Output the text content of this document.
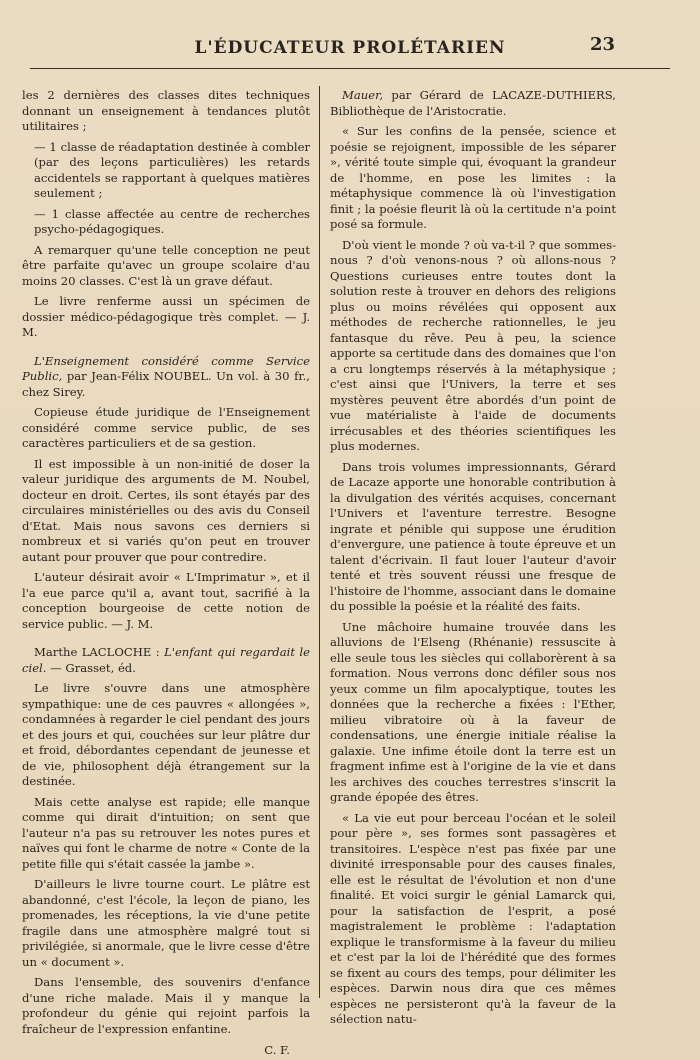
L'ÉDUCATEUR PROLÉTARIEN	23

les 2 dernières des classes dites techniques donnant un enseignement à tendances plutôt utilitaires ;

— 1 classe de réadaptation destinée à combler (par des leçons particulières) les retards accidentels se rapportant à quelques matières seulement ;

— 1 classe affectée au centre de recherches psycho-pédagogiques.

A remarquer qu'une telle conception ne peut être parfaite qu'avec un groupe scolaire d'au moins 20 classes. C'est là un grave défaut.

Le livre renferme aussi un spécimen de dossier médico-pédagogique très complet. — J. M.

L'Enseignement considéré comme Service Public, par Jean-Félix NOUBEL. Un vol. à 30 fr., chez Sirey.

Copieuse étude juridique de l'Enseignement considéré comme service public, de ses caractères particuliers et de sa gestion.

Il est impossible à un non-initié de doser la valeur juridique des arguments de M. Noubel, docteur en droit. Certes, ils sont étayés par des circulaires ministérielles ou des avis du Conseil d'Etat. Mais nous savons ces derniers si nombreux et si variés qu'on peut en trouver autant pour prouver que pour contredire.

L'auteur désirait avoir « L'Imprimatur », et il l'a eue parce qu'il a, avant tout, sacrifié à la conception bourgeoise de cette notion de service public. — J. M.

Marthe LACLOCHE : L'enfant qui regardait le ciel. — Grasset, éd.

Le livre s'ouvre dans une atmosphère sympathique: une de ces pauvres « allongées », condamnées à regarder le ciel pendant des jours et des jours et qui, couchées sur leur plâtre dur et froid, débordantes cependant de jeunesse et de vie, philosophent déjà étrangement sur la destinée.

Mais cette analyse est rapide; elle manque comme qui dirait d'intuition; on sent que l'auteur n'a pas su retrouver les notes pures et naïves qui font le charme de notre « Conte de la petite fille qui s'était cassée la jambe ».

D'ailleurs le livre tourne court. Le plâtre est abandonné, c'est l'école, la leçon de piano, les promenades, les réceptions, la vie d'une petite fragile dans une atmosphère malgré tout si privilégiée, si anormale, que le livre cesse d'être un « document ».

Dans l'ensemble, des souvenirs d'enfance d'une riche malade. Mais il y manque la profondeur du génie qui rejoint parfois la fraîcheur de l'expression enfantine.

C. F.

Mauer, par Gérard de LACAZE-DUTHIERS, Bibliothèque de l'Aristocratie.

« Sur les confins de la pensée, science et poésie se rejoignent, impossible de les séparer », vérité toute simple qui, évoquant la grandeur de l'homme, en pose les limites : la métaphysique commence là où l'investigation finit ; la poésie fleurit là où la certitude n'a point posé sa formule.

D'où vient le monde ? où va-t-il ? que sommes-nous ? d'où venons-nous ? où allons-nous ? Questions curieuses entre toutes dont la solution reste à trouver en dehors des religions plus ou moins révélées qui opposent aux méthodes de recherche rationnelles, le jeu fantasque du rêve. Peu à peu, la science apporte sa certitude dans des domaines que l'on a cru longtemps réservés à la métaphysique ; c'est ainsi que l'Univers, la terre et ses mystères peuvent être abordés d'un point de vue matérialiste à l'aide de documents irrécusables et des théories scientifiques les plus modernes.

Dans trois volumes impressionnants, Gérard de Lacaze apporte une honorable contribution à la divulgation des vérités acquises, concernant l'Univers et l'aventure terrestre. Besogne ingrate et pénible qui suppose une érudition d'envergure, une patience à toute épreuve et un talent d'écrivain. Il faut louer l'auteur d'avoir tenté et très souvent réussi une fresque de l'histoire de l'homme, associant dans le domaine du possible la poésie et la réalité des faits.

Une mâchoire humaine trouvée dans les alluvions de l'Elseng (Rhénanie) ressuscite à elle seule tous les siècles qui collaborèrent à sa formation. Nous verrons donc défiler sous nos yeux comme un film apocalyptique, toutes les données que la recherche a fixées : l'Ether, milieu vibratoire où à la faveur de condensations, une énergie initiale réalise la galaxie. Une infime étoile dont la terre est un fragment infime est à l'origine de la vie et dans les archives des couches terrestres s'inscrit la grande épopée des êtres.

« La vie eut pour berceau l'océan et le soleil pour père », ses formes sont passagères et transitoires. L'espèce n'est pas fixée par une divinité irresponsable pour des causes finales, elle est le résultat de l'évolution et non d'une finalité. Et voici surgir le génial Lamarck qui, pour la satisfaction de l'esprit, a posé magistralement le problème : l'adaptation explique le transformisme à la faveur du milieu et c'est par la loi de l'hérédité que des formes se fixent au cours des temps, pour délimiter les espèces. Darwin nous dira que ces mêmes espèces ne persisteront qu'à la faveur de la sélection natu-
